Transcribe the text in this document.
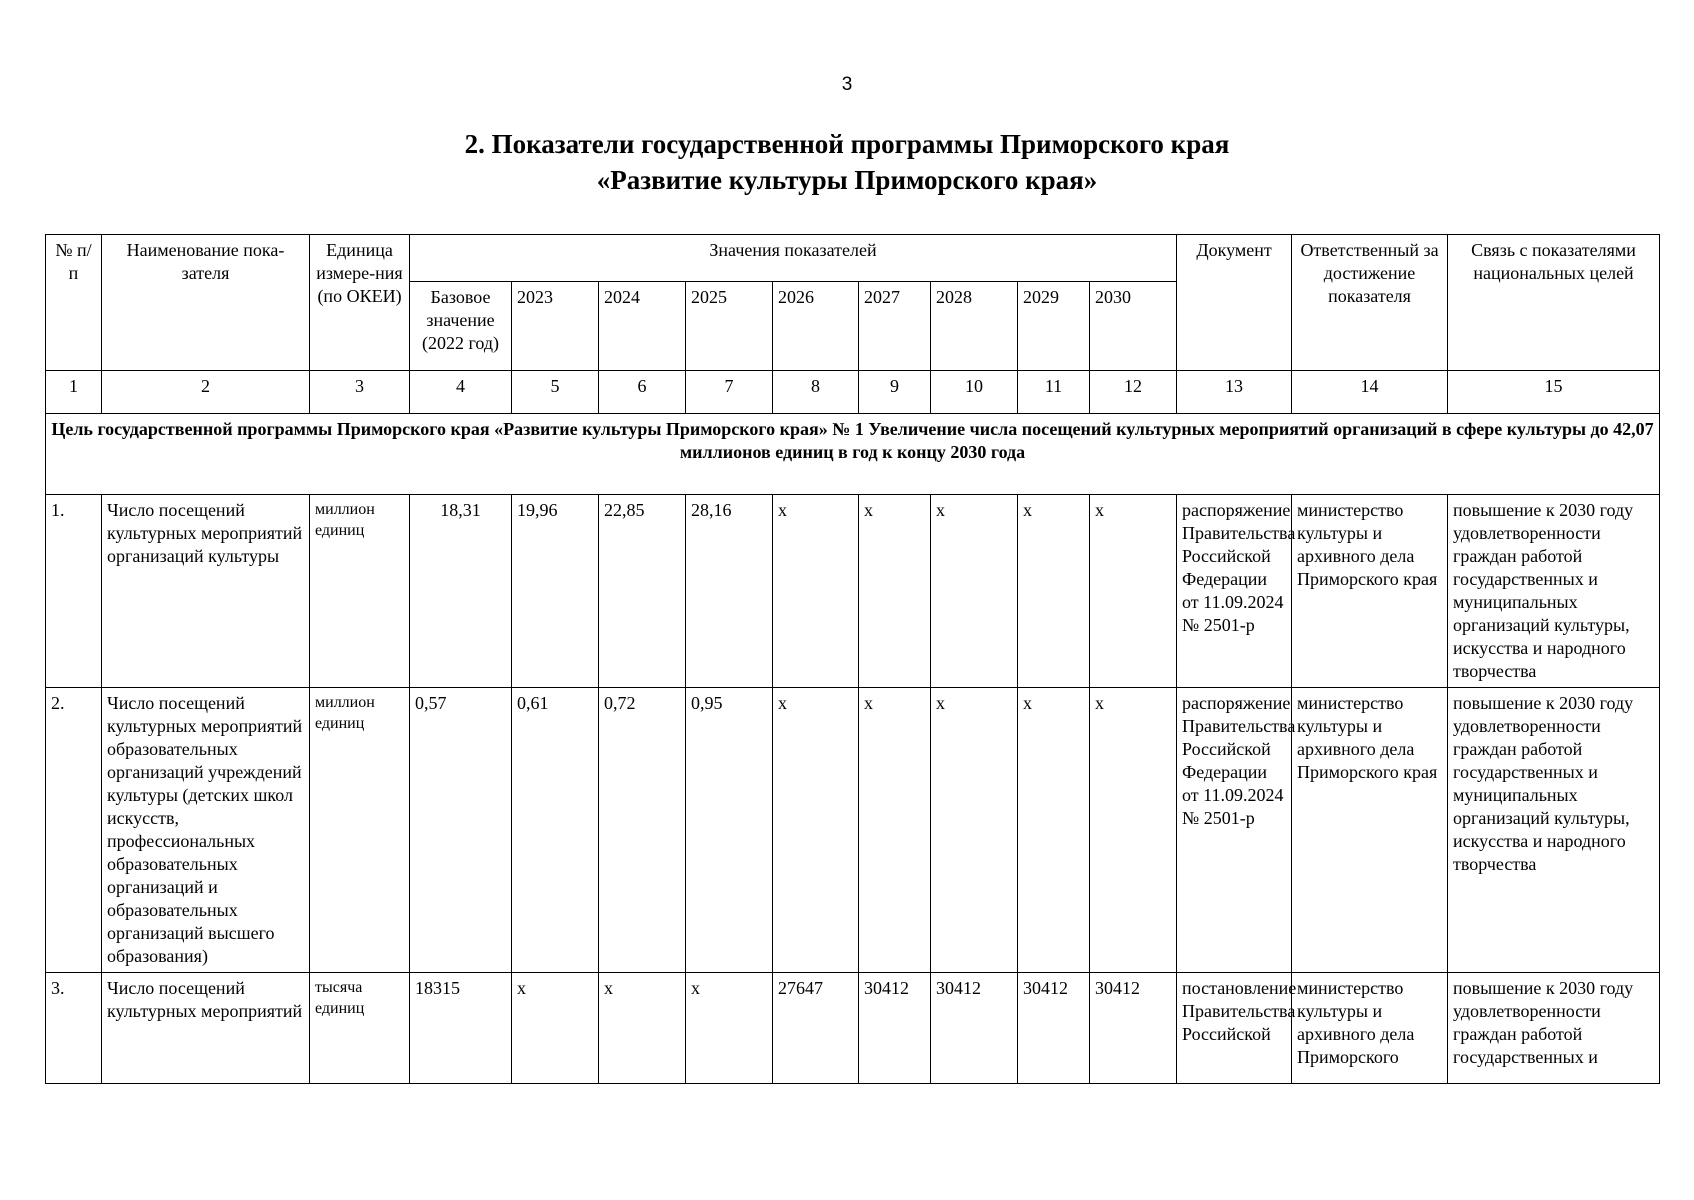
3
2. Показатели государственной программы Приморского края
«Развитие культуры Приморского края»
№ п/п	Наименование пока-зателя	Единица измере-ния (по ОКЕИ)	Значения показателей									Документ	Ответственный за достижение показателя	Связь с показателями национальных целей
			Базовое значение (2022 год)	2023	2024	2025	2026	2027	2028	2029	2030			
1	2	3	4	5	6	7	8	9	10	11	12	13	14	15
Цель государственной программы Приморского края «Развитие культуры Приморского края» № 1 Увеличение числа посещений культурных мероприятий организаций в сфере культуры до 42,07 миллионов единиц в год к концу 2030 года														
1.	Число посещений культурных мероприятий организаций культуры	миллион единиц	18,31	19,96	22,85	28,16	x	x	x	x	x	распоряжение Правительства Российской Федерации от 11.09.2024 № 2501-р	министерство культуры и архивного дела Приморского края	повышение к 2030 году удовлетворенности граждан работой государственных и муниципальных организаций культуры, искусства и народного творчества
2.	Число посещений культурных мероприятий образовательных организаций учреждений культуры (детских школ искусств, профессиональных образовательных организаций и образовательных организаций высшего образования)	миллион единиц	0,57	0,61	0,72	0,95	x	x	x	x	x	распоряжение Правительства Российской Федерации от 11.09.2024 № 2501-р	министерство культуры и архивного дела Приморского края	повышение к 2030 году удовлетворенности граждан работой государственных и муниципальных организаций культуры, искусства и народного творчества
3.	Число посещений культурных мероприятий	тысяча единиц	18315	x	x	x	27647	30412	30412	30412	30412	постановление Правительства Российской	министерство культуры и архивного дела Приморского	повышение к 2030 году удовлетворенности граждан работой государственных и
